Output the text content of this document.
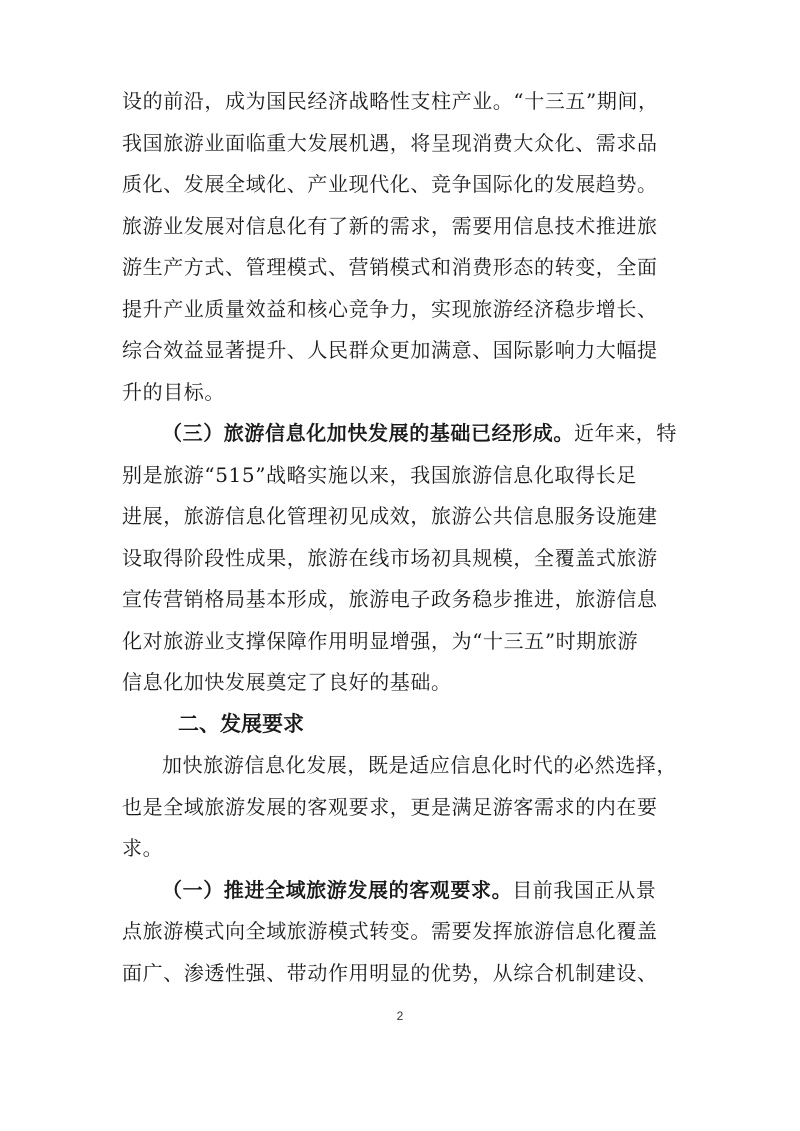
设的前沿，成为国民经济战略性支柱产业。“十三五”期间，
我国旅游业面临重大发展机遇，将呈现消费大众化、需求品
质化、发展全域化、产业现代化、竞争国际化的发展趋势。
旅游业发展对信息化有了新的需求，需要用信息技术推进旅
游生产方式、管理模式、营销模式和消费形态的转变，全面
提升产业质量效益和核心竞争力，实现旅游经济稳步增长、
综合效益显著提升、人民群众更加满意、国际影响力大幅提
升的目标。
（三）旅游信息化加快发展的基础已经形成。近年来，特
别是旅游“515”战略实施以来，我国旅游信息化取得长足
进展，旅游信息化管理初见成效，旅游公共信息服务设施建
设取得阶段性成果，旅游在线市场初具规模，全覆盖式旅游
宣传营销格局基本形成，旅游电子政务稳步推进，旅游信息
化对旅游业支撑保障作用明显增强，为“十三五”时期旅游
信息化加快发展奠定了良好的基础。
二、发展要求
加快旅游信息化发展，既是适应信息化时代的必然选择，
也是全域旅游发展的客观要求，更是满足游客需求的内在要
求。
（一）推进全域旅游发展的客观要求。目前我国正从景
点旅游模式向全域旅游模式转变。需要发挥旅游信息化覆盖
面广、渗透性强、带动作用明显的优势，从综合机制建设、
2
